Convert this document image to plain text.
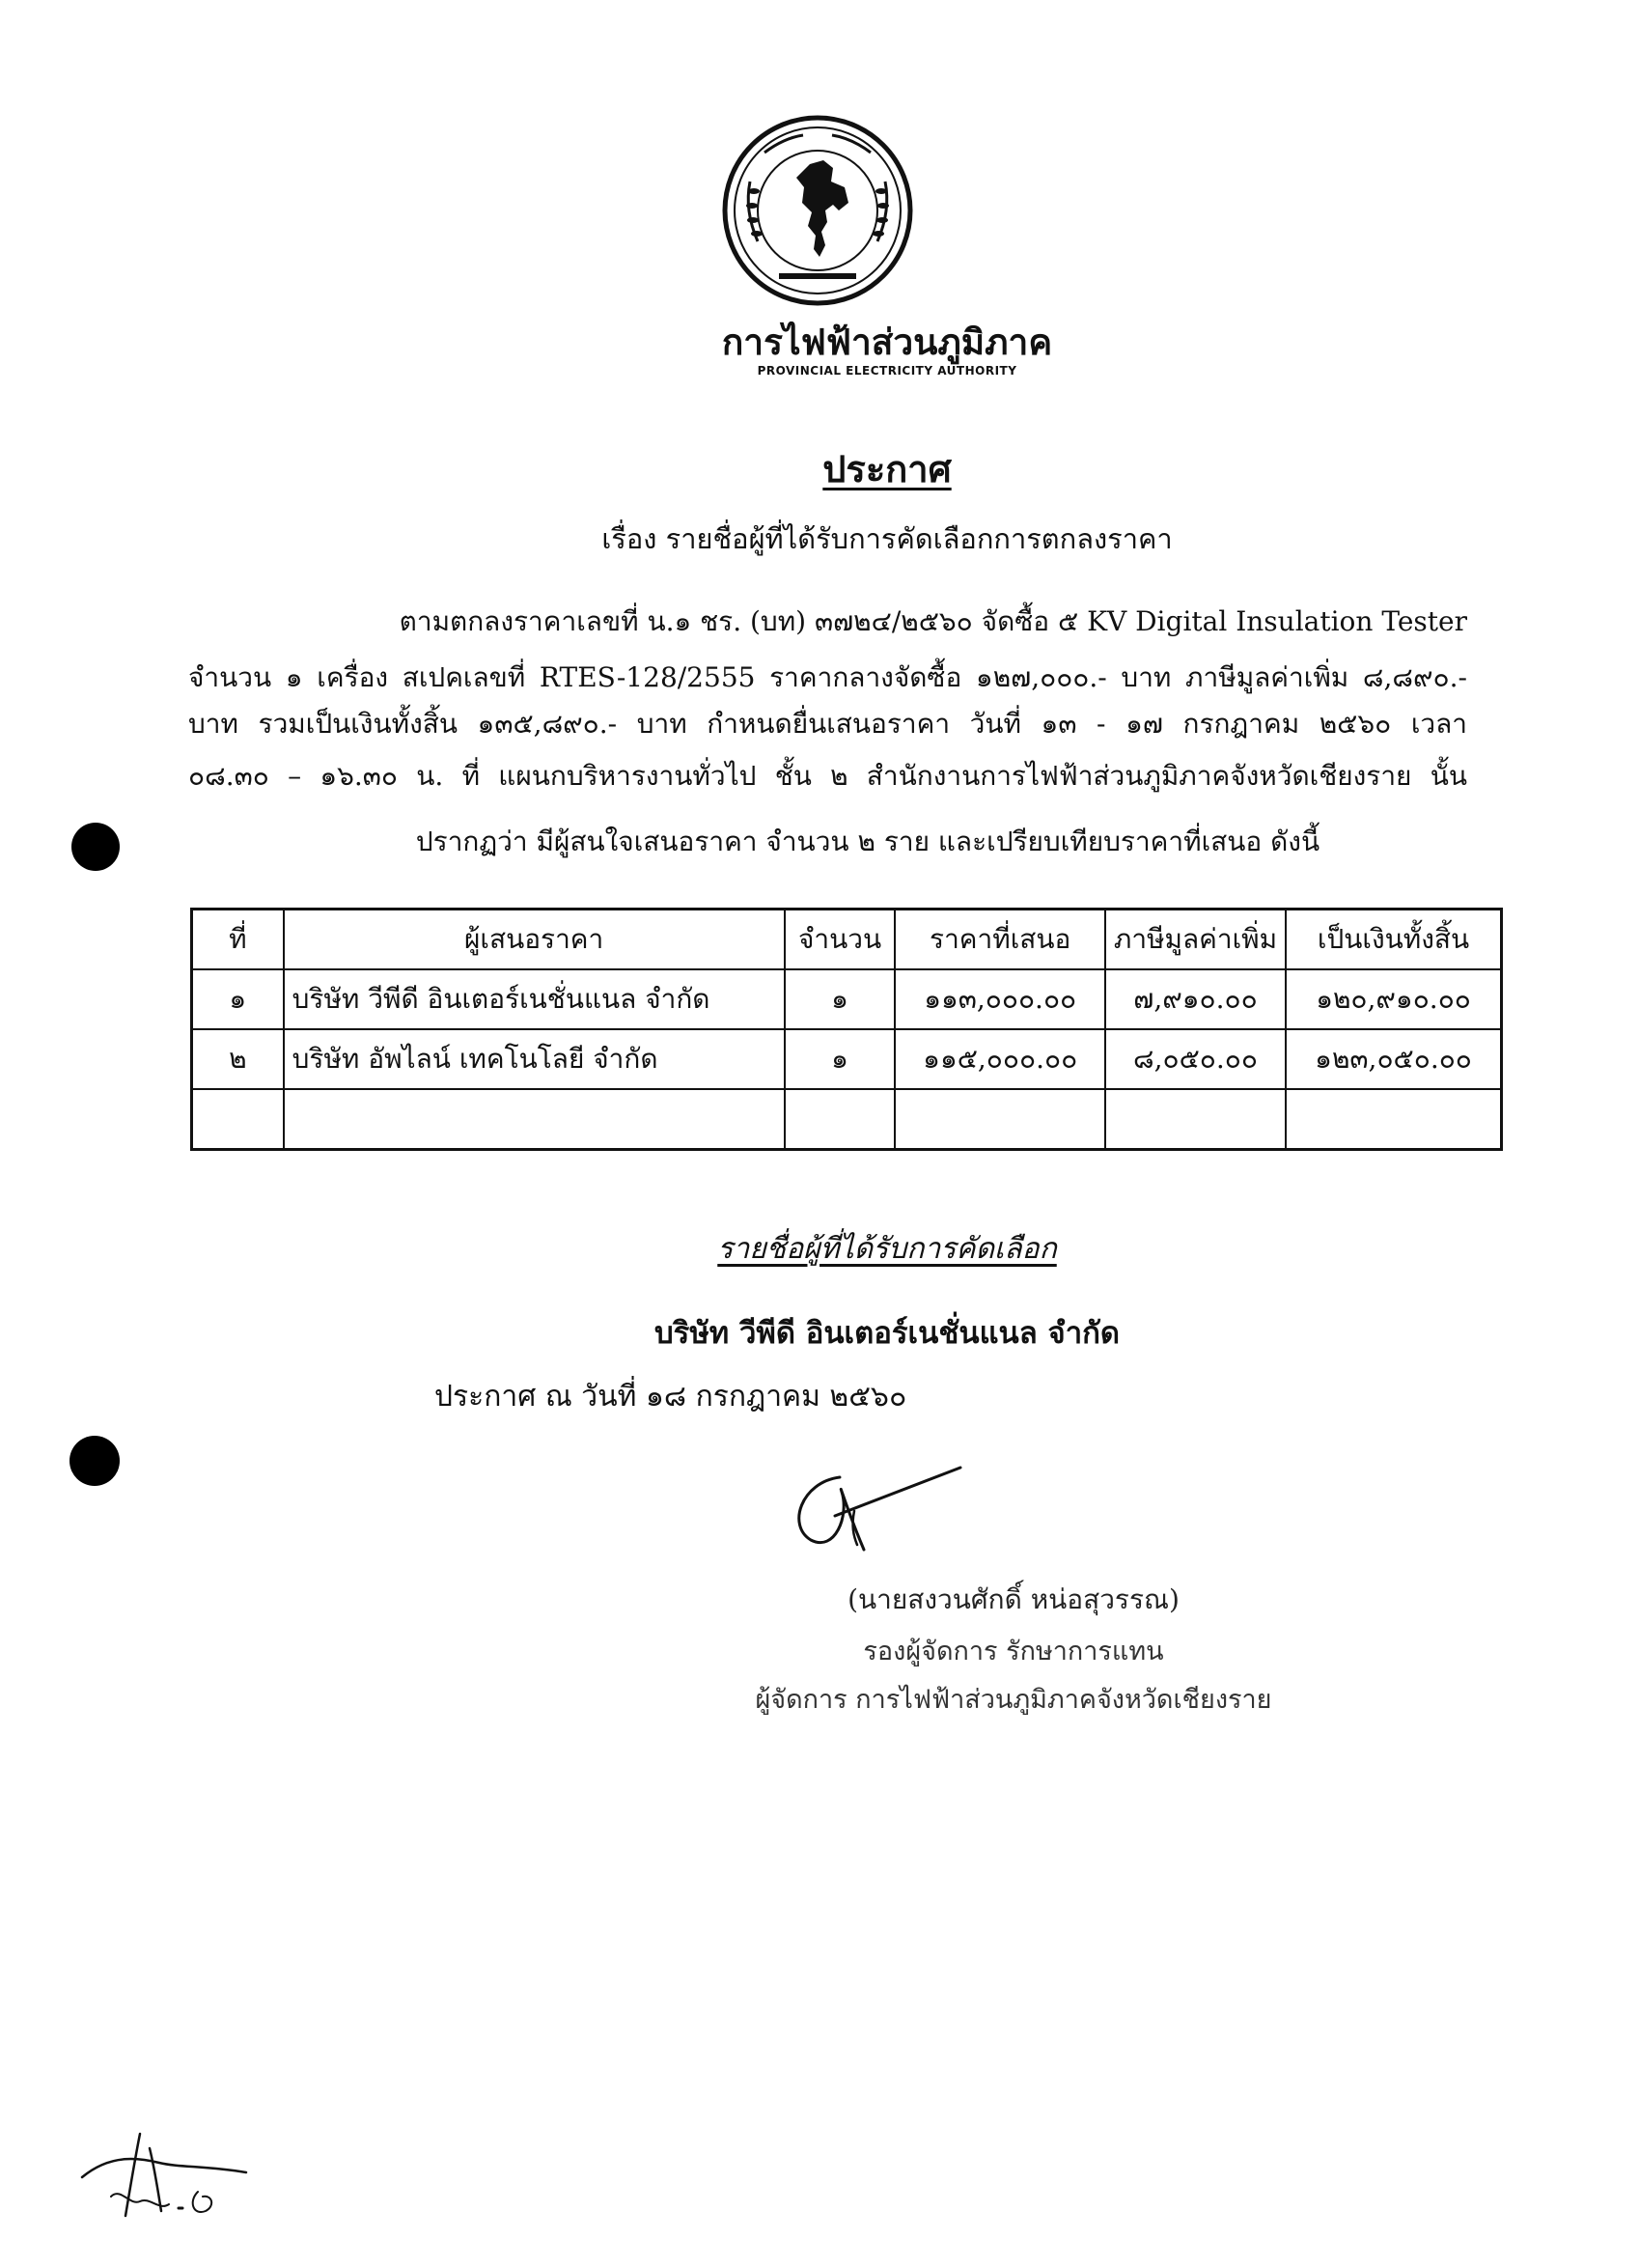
การไฟฟ้าส่วนภูมิภาค
PROVINCIAL ELECTRICITY AUTHORITY
ประกาศ
เรื่อง รายชื่อผู้ที่ได้รับการคัดเลือกการตกลงราคา
ตามตกลงราคาเลขที่ น.๑ ชร. (บท) ๓๗๒๔/๒๕๖๐ จัดซื้อ ๕ KV Digital Insulation Tester
จำนวน ๑ เครื่อง สเปคเลขที่ RTES-128/2555 ราคากลางจัดซื้อ ๑๒๗,๐๐๐.- บาท ภาษีมูลค่าเพิ่ม ๘,๘๙๐.-
บาท รวมเป็นเงินทั้งสิ้น ๑๓๕,๘๙๐.- บาท กำหนดยื่นเสนอราคา วันที่ ๑๓ - ๑๗ กรกฎาคม ๒๕๖๐ เวลา
๐๘.๓๐ – ๑๖.๓๐ น. ที่ แผนกบริหารงานทั่วไป ชั้น ๒ สำนักงานการไฟฟ้าส่วนภูมิภาคจังหวัดเชียงราย นั้น
ปรากฏว่า มีผู้สนใจเสนอราคา จำนวน ๒ ราย และเปรียบเทียบราคาที่เสนอ ดังนี้
ที่	ผู้เสนอราคา	จำนวน	ราคาที่เสนอ	ภาษีมูลค่าเพิ่ม	เป็นเงินทั้งสิ้น
๑	บริษัท วีพีดี อินเตอร์เนชั่นแนล จำกัด	๑	๑๑๓,๐๐๐.๐๐	๗,๙๑๐.๐๐	๑๒๐,๙๑๐.๐๐
๒	บริษัท อัพไลน์ เทคโนโลยี จำกัด	๑	๑๑๕,๐๐๐.๐๐	๘,๐๕๐.๐๐	๑๒๓,๐๕๐.๐๐

รายชื่อผู้ที่ได้รับการคัดเลือก
บริษัท วีพีดี อินเตอร์เนชั่นแนล จำกัด
ประกาศ ณ วันที่ ๑๘ กรกฎาคม ๒๕๖๐
(นายสงวนศักดิ์ หน่อสุวรรณ)
รองผู้จัดการ รักษาการแทน
ผู้จัดการ การไฟฟ้าส่วนภูมิภาคจังหวัดเชียงราย
